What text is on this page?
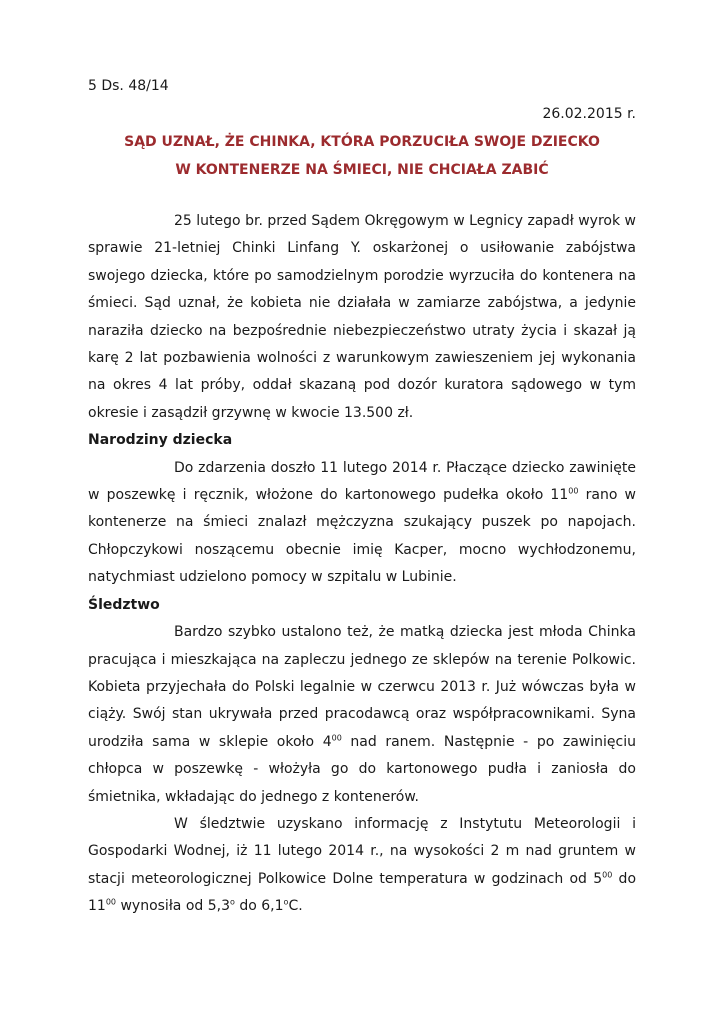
5 Ds. 48/14
26.02.2015 r.
SĄD UZNAŁ, ŻE CHINKA, KTÓRA PORZUCIŁA SWOJE DZIECKO
W KONTENERZE NA ŚMIECI, NIE CHCIAŁA ZABIĆ

25 lutego br. przed Sądem Okręgowym w Legnicy zapadł wyrok w sprawie 21-letniej Chinki Linfang Y. oskarżonej o usiłowanie zabójstwa swojego dziecka, które po samodzielnym porodzie wyrzuciła do kontenera na śmieci. Sąd uznał, że kobieta nie działała w zamiarze zabójstwa, a jedynie naraziła dziecko na bezpośrednie niebezpieczeństwo utraty życia i skazał ją karę 2 lat pozbawienia wolności z warunkowym zawieszeniem jej wykonania na okres 4 lat próby, oddał skazaną pod dozór kuratora sądowego w tym okresie i zasądził grzywnę w kwocie 13.500 zł.

Narodziny dziecka

Do zdarzenia doszło 11 lutego 2014 r. Płaczące dziecko zawinięte w poszewkę i ręcznik, włożone do kartonowego pudełka około $11^{00}$ rano w kontenerze na śmieci znalazł mężczyzna szukający puszek po napojach. Chłopczykowi noszącemu obecnie imię Kacper, mocno wychłodzonemu, natychmiast udzielono pomocy w szpitalu w Lubinie.

Śledztwo

Bardzo szybko ustalono też, że matką dziecka jest młoda Chinka pracująca i mieszkająca na zapleczu jednego ze sklepów na terenie Polkowic. Kobieta przyjechała do Polski legalnie w czerwcu 2013 r. Już wówczas była w ciąży. Swój stan ukrywała przed pracodawcą oraz współpracownikami. Syna urodziła sama w sklepie około $4^{00}$ nad ranem. Następnie - po zawinięciu chłopca w poszewkę - włożyła go do kartonowego pudła i zaniosła do śmietnika, wkładając do jednego z kontenerów.

W śledztwie uzyskano informację z Instytutu Meteorologii i Gospodarki Wodnej, iż 11 lutego 2014 r., na wysokości 2 m nad gruntem w stacji meteorologicznej Polkowice Dolne temperatura w godzinach od $5^{00}$ do $11^{00}$ wynosiła od 5,3$^o$ do 6,1$^o$C.
